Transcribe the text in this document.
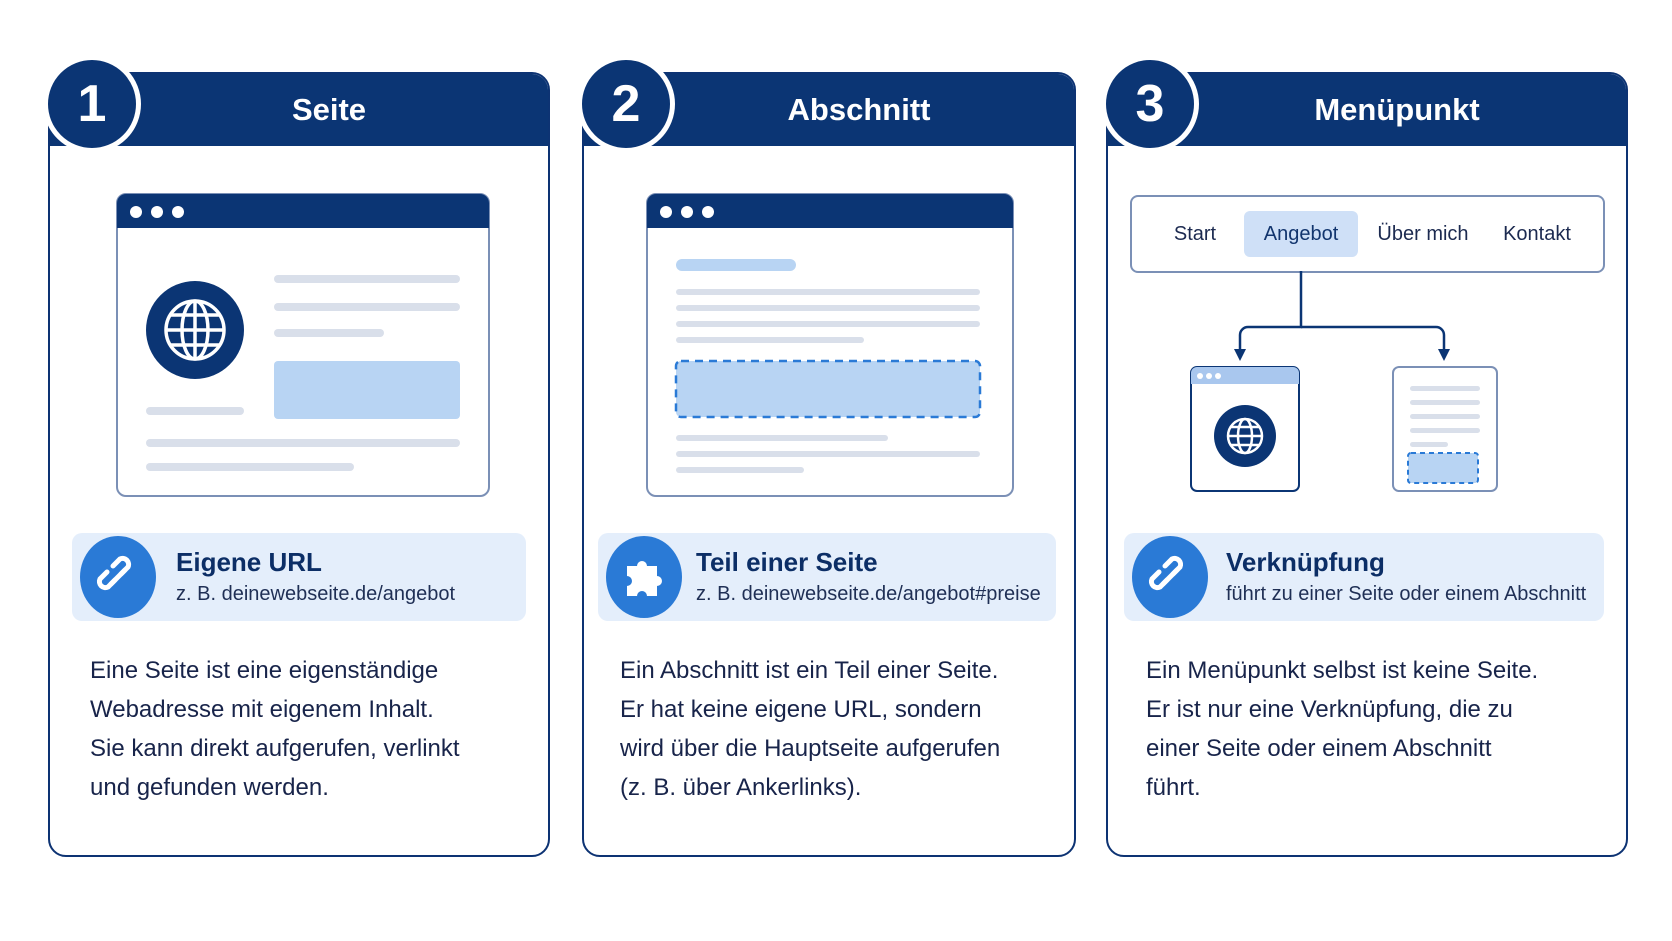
Seite
1
Eigene URL
z. B. deinewebseite.de/angebot
Eine Seite ist eine eigenständige
Webadresse mit eigenem Inhalt.
Sie kann direkt aufgerufen, verlinkt
und gefunden werden.
Abschnitt
2
Teil einer Seite
z. B. deinewebseite.de/angebot#preise
Ein Abschnitt ist ein Teil einer Seite.
Er hat keine eigene URL, sondern
wird über die Hauptseite aufgerufen
(z. B. über Ankerlinks).
Menüpunkt
3
Start	Angebot	Über mich	Kontakt
Verknüpfung
führt zu einer Seite oder einem Abschnitt
Ein Menüpunkt selbst ist keine Seite.
Er ist nur eine Verknüpfung, die zu
einer Seite oder einem Abschnitt
führt.
